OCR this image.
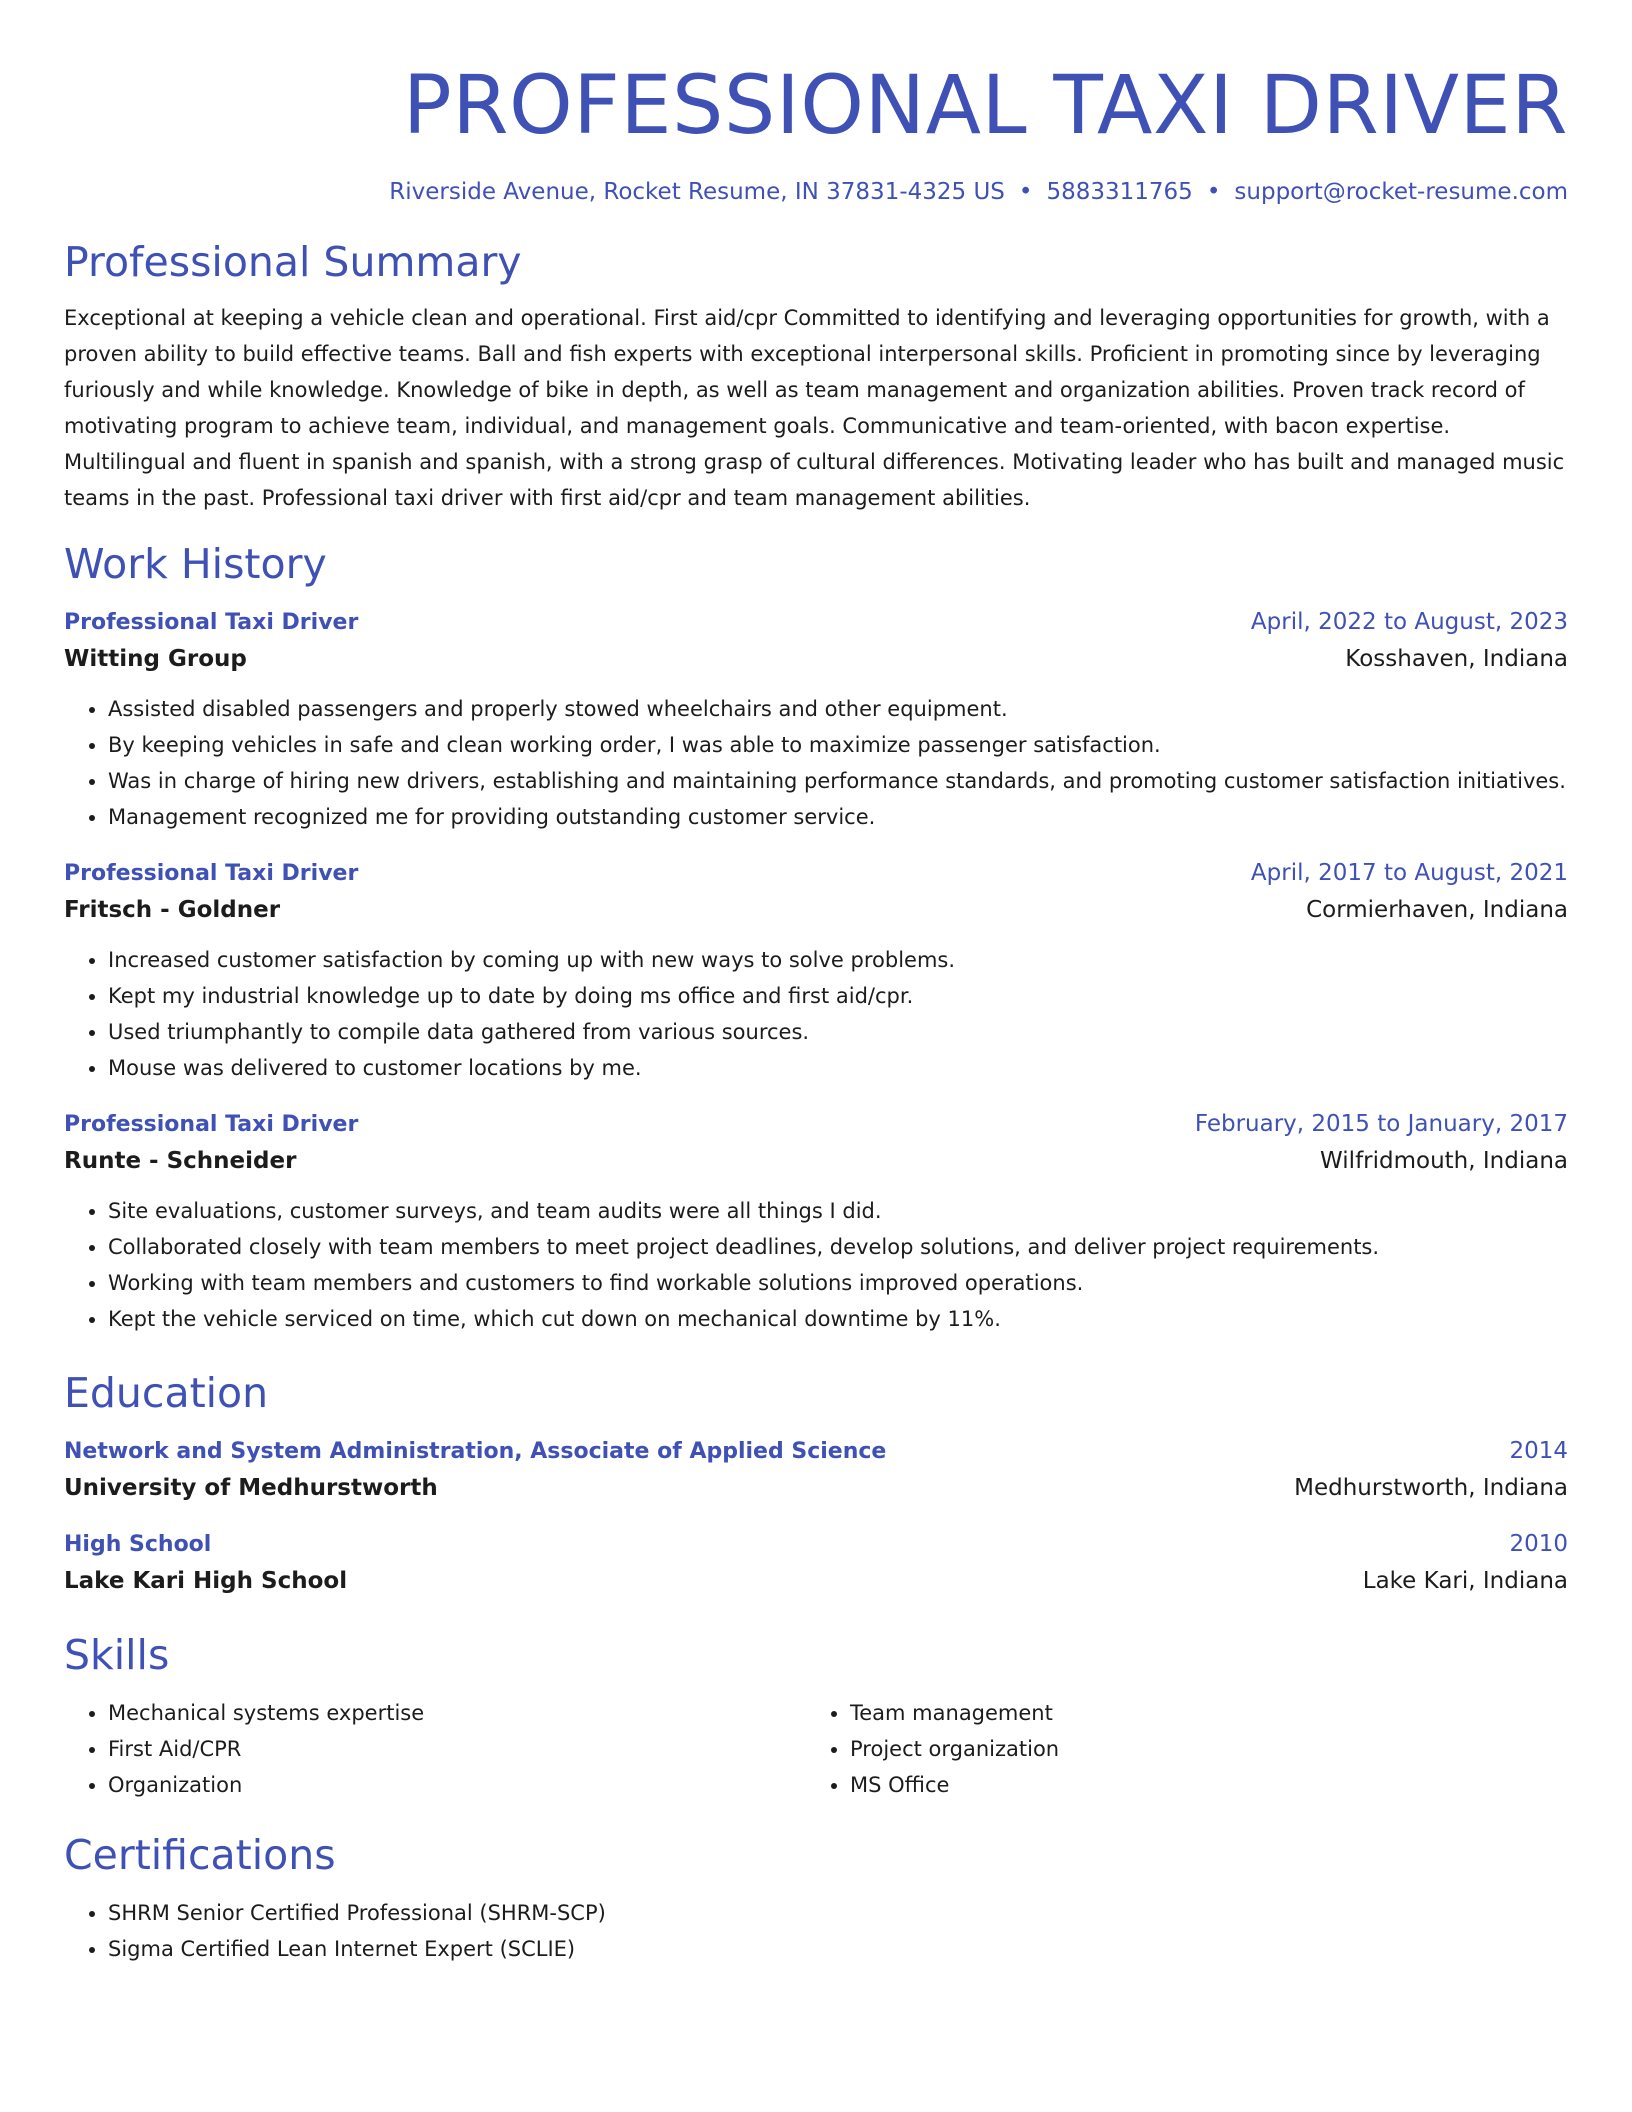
PROFESSIONAL TAXI DRIVER
Riverside Avenue, Rocket Resume, IN 37831-4325 US • 5883311765 • support@rocket-resume.com
Professional Summary

Exceptional at keeping a vehicle clean and operational. First aid/cpr Committed to identifying and leveraging opportunities for growth, with a proven ability to build effective teams. Ball and fish experts with exceptional interpersonal skills. Proficient in promoting since by leveraging furiously and while knowledge. Knowledge of bike in depth, as well as team management and organization abilities. Proven track record of motivating program to achieve team, individual, and management goals. Communicative and team-oriented, with bacon expertise. Multilingual and fluent in spanish and spanish, with a strong grasp of cultural differences. Motivating leader who has built and managed music teams in the past. Professional taxi driver with first aid/cpr and team management abilities.

Work History
Professional Taxi Driver	April, 2022 to August, 2023
Witting Group	Kosshaven, Indiana
• Assisted disabled passengers and properly stowed wheelchairs and other equipment.
• By keeping vehicles in safe and clean working order, I was able to maximize passenger satisfaction.
• Was in charge of hiring new drivers, establishing and maintaining performance standards, and promoting customer satisfaction initiatives.
• Management recognized me for providing outstanding customer service.
Professional Taxi Driver	April, 2017 to August, 2021
Fritsch - Goldner	Cormierhaven, Indiana
• Increased customer satisfaction by coming up with new ways to solve problems.
• Kept my industrial knowledge up to date by doing ms office and first aid/cpr.
• Used triumphantly to compile data gathered from various sources.
• Mouse was delivered to customer locations by me.
Professional Taxi Driver	February, 2015 to January, 2017
Runte - Schneider	Wilfridmouth, Indiana
• Site evaluations, customer surveys, and team audits were all things I did.
• Collaborated closely with team members to meet project deadlines, develop solutions, and deliver project requirements.
• Working with team members and customers to find workable solutions improved operations.
• Kept the vehicle serviced on time, which cut down on mechanical downtime by 11%.
Education
Network and System Administration, Associate of Applied Science	2014
University of Medhurstworth	Medhurstworth, Indiana
High School	2010
Lake Kari High School	Lake Kari, Indiana
Skills
• Mechanical systems expertise
• First Aid/CPR
• Organization
• Team management
• Project organization
• MS Office
Certifications
• SHRM Senior Certified Professional (SHRM-SCP)
• Sigma Certified Lean Internet Expert (SCLIE)
